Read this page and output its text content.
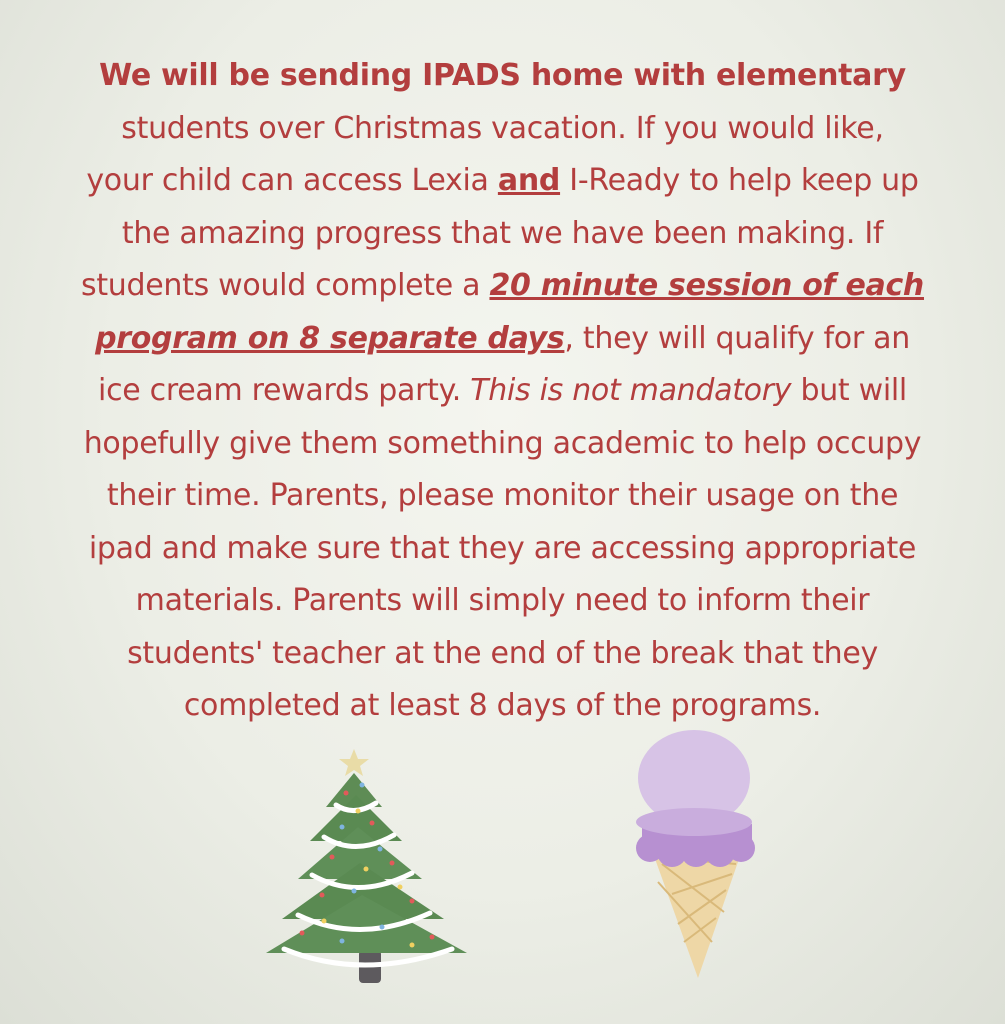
We will be sending IPADS home with elementary
students over Christmas vacation. If you would like,
your child can access Lexia and I-Ready to help keep up
the amazing progress that we have been making. If
students would complete a 20 minute session of each
program on 8 separate days, they will qualify for an
ice cream rewards party. This is not mandatory but will
hopefully give them something academic to help occupy
their time. Parents, please monitor their usage on the
ipad and make sure that they are accessing appropriate
materials. Parents will simply need to inform their
students' teacher at the end of the break that they
completed at least 8 days of the programs.
